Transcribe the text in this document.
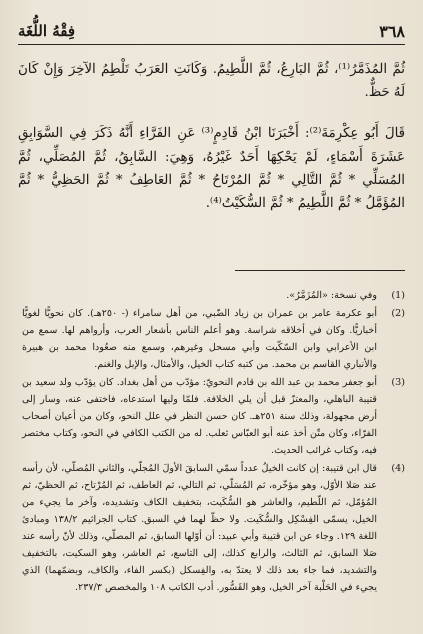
٣٦٨
فِقْهُ اللُّغَة

ثُمَّ المُذَمَّرُ⁽¹⁾، ثُمَّ البَارِعُ، ثُمَّ اللَّطِيمُ. وَكَانَتِ العَرَبُ تَلْطِمُ الآخِرَ وَإِنْ كَانَ لَهُ حَظٌّ.

قَالَ أَبُو عِكْرِمَةَ⁽²⁾: أَخْبَرَنَا ابْنُ قَادِمٍ⁽³⁾ عَنِ الفَرَّاءِ أَنَّهُ ذَكَرَ فِي السَّوَابِقِ عَشَرَةَ أَسْمَاءٍ، لَمْ يَحْكِهَا أَحَدٌ غَيْرُهُ، وَهِيَ: السَّابِقُ، ثُمَّ المُصَلِّي، ثُمَّ المُسَلِّي * ثُمَّ التَّالِي * ثُمَّ المُرْتَاحُ * ثُمَّ العَاطِفُ * ثُمَّ الحَظِيُّ * ثُمَّ المُؤَمَّلُ * ثُمَّ اللَّطِيمُ * ثُمَّ السُّكَيْتُ⁽⁴⁾.

(1)
وفي نسخة: «المُزَمَّرُ».
(2)
أبو عكرمة عامر بن عمران بن زياد الضّبي، من أهل سامراء (- ٢٥٠هـ). كان نحويًّا لغويًّا أخباريًّا. وكان في أخلاقه شراسة. وهو أعلم الناس بأشعار العرب، وأرواهم لها. سمع من ابن الأعرابي وابن السّكّيت وأبي مسحل وغيرهم، وسمع منه صعُودا محمد بن هبيرة والأنباري القاسم بن محمد. من كتبه كتاب الخيل، والأمثال، والإبل والغنم.
(3)
أبو جعفر محمد بن عبد الله بن قادم النحويّ: مؤدّب من أهل بغداد. كان يؤدّب ولد سعيد بن قتيبة الباهلي، والمعتزّ قبل أن يلي الخلافة. فلمّا وليها استدعاه، فاختفى عنه، وسار إلى أرض مجهولة، وذلك سنة ٢٥١هـ. كان حسن النظر في علل النحو، وكان من أعيان أصحاب الفرّاء، وكان متّن أخذ عنه أبو العبّاس ثعلب. له من الكتب الكافي في النحو، وكتاب مختصر فيه، وكتاب غرائب الحديث.
(4)
قال ابن قتيبة: إن كانت الخيلُ عدداً سمّي السابقَ الأولَ المُجلّي، والثاني المُصلّي، لأن رأسه عند صَلا الأوّل، وهو مؤخّره، ثم المُسَلّي، ثم التالي، ثم العاطف، ثم المُرْتاح، ثم الحظيّ، ثم المُؤمّل، ثم اللّطيم، والعاشر هو السُّكَيت، بتخفيف الكاف وتشديده، وآخر ما يجيء من الخيل، يسمّى الفِسْكِل والسُّكَيت. ولا حظّ لهما في السبق. كتاب الجراثيم ١٣٨/٢ ومبادئ اللغة ١٢٩. وجاء عن ابن قتيبة وأبي عبيد: أن أوّلها السابق، ثم المصلّي، وذلك لأنّ رأسه عند صَلا السابق، ثم الثالث، والرابع كذلك، إلى التاسع، ثم العاشر، وهو السكيت، بالتخفيف والتشديد، فما جاء بعد ذلك لا يعتدّ به، والفِسكل (بكسر الفاء، والكاف، وبضمّهما) الذي يجيء في الحَلْبة آخر الخيل، وهو القَسُّور. أدب الكاتب ١٠٨ والمخصص ٢٣٧/٣.
